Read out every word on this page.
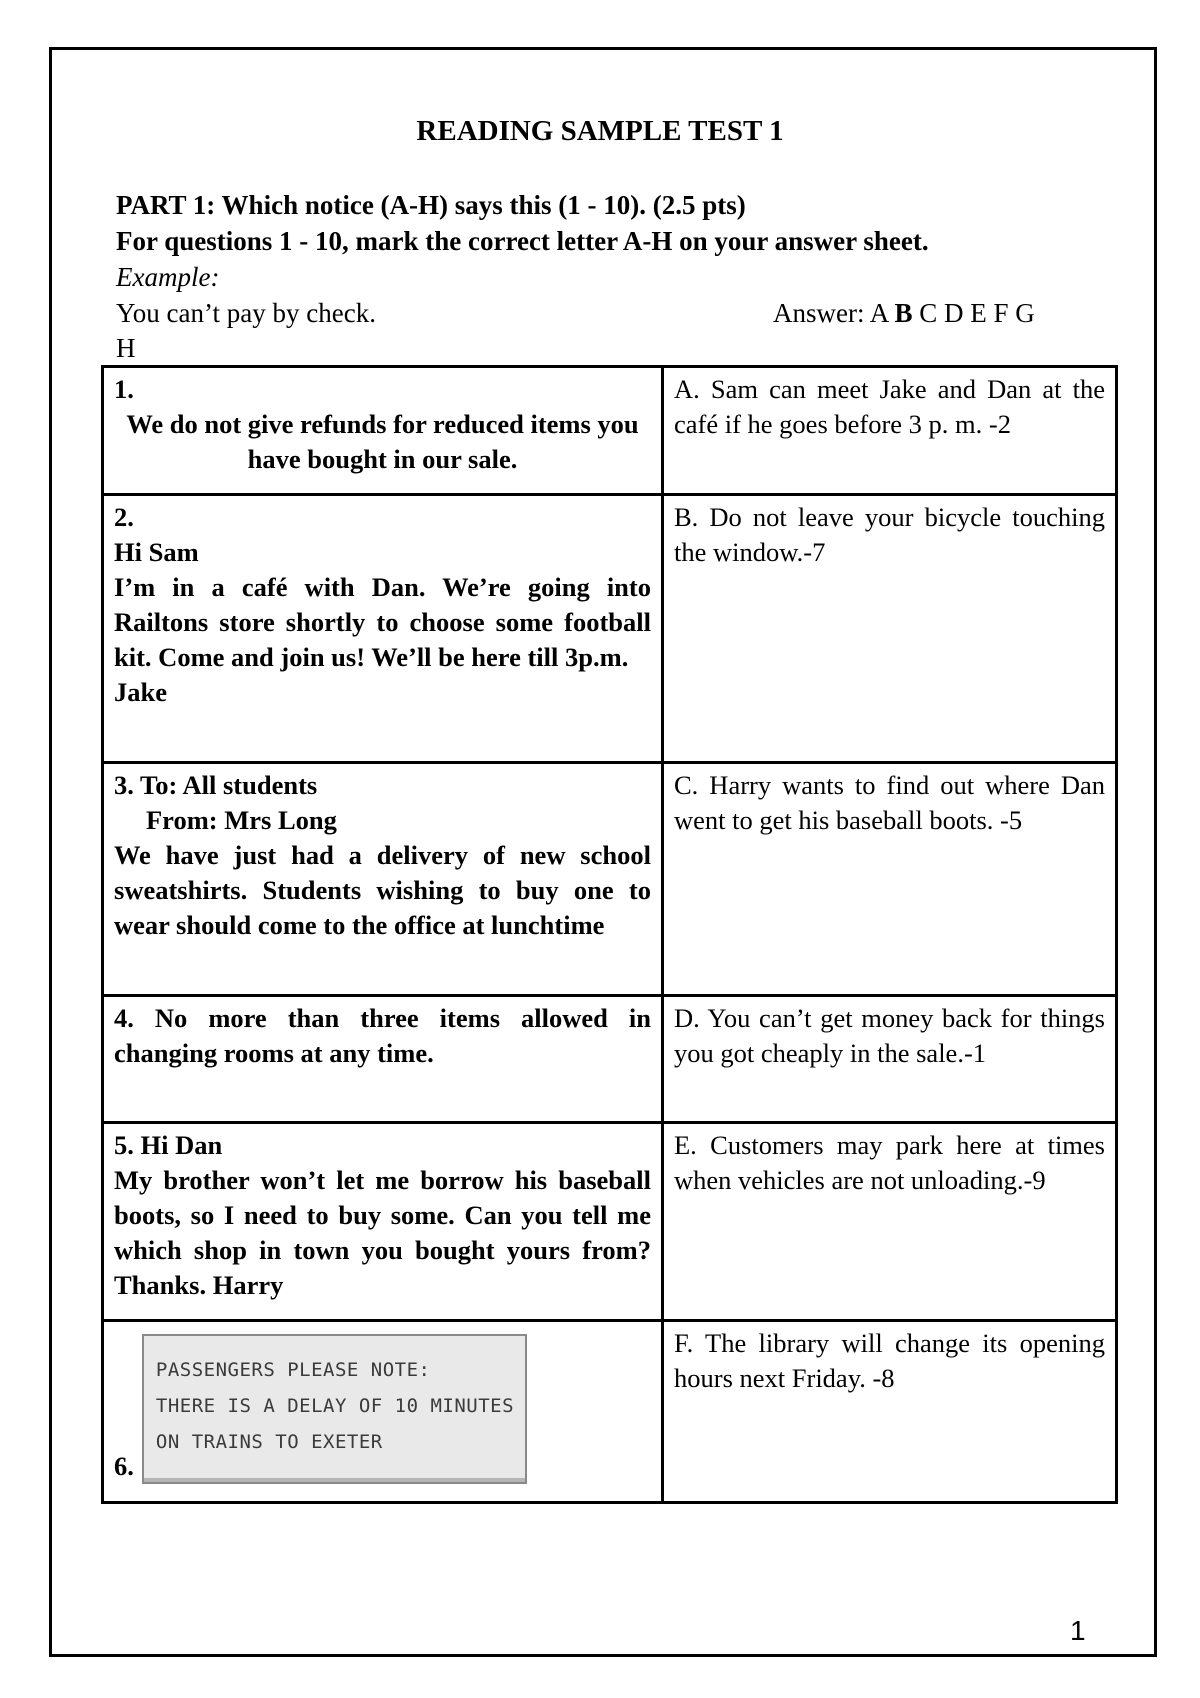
READING SAMPLE TEST 1
PART 1: Which notice (A-H) says this (1 - 10). (2.5 pts)
For questions 1 - 10, mark the correct letter A-H on your answer sheet.
Example:
You can’t pay by check.	Answer: A B C D E F G
H
1.
We do not give refunds for reduced items you have bought in our sale.	A. Sam can meet Jake and Dan at the café if he goes before 3 p. m. -2

2.
Hi Sam
I’m in a café with Dan. We’re going into Railtons store shortly to choose some football kit. Come and join us! We’ll be here till 3p.m.
Jake	B. Do not leave your bicycle touching the window.-7
3. To: All students
From: Mrs Long
We have just had a delivery of new school sweatshirts. Students wishing to buy one to wear should come to the office at lunchtime	C. Harry wants to find out where Dan went to get his baseball boots. -5
4. No more than three items allowed in changing rooms at any time.	D. You can’t get money back for things you got cheaply in the sale.-1
5. Hi Dan
My brother won’t let me borrow his baseball boots, so I need to buy some. Can you tell me which shop in town you bought yours from? Thanks. Harry	E. Customers may park here at times when vehicles are not unloading.-9

6.
PASSENGERS PLEASE NOTE:
THERE IS A DELAY OF 10 MINUTES
ON TRAINS TO EXETER	F. The library will change its opening hours next Friday. -8
1
